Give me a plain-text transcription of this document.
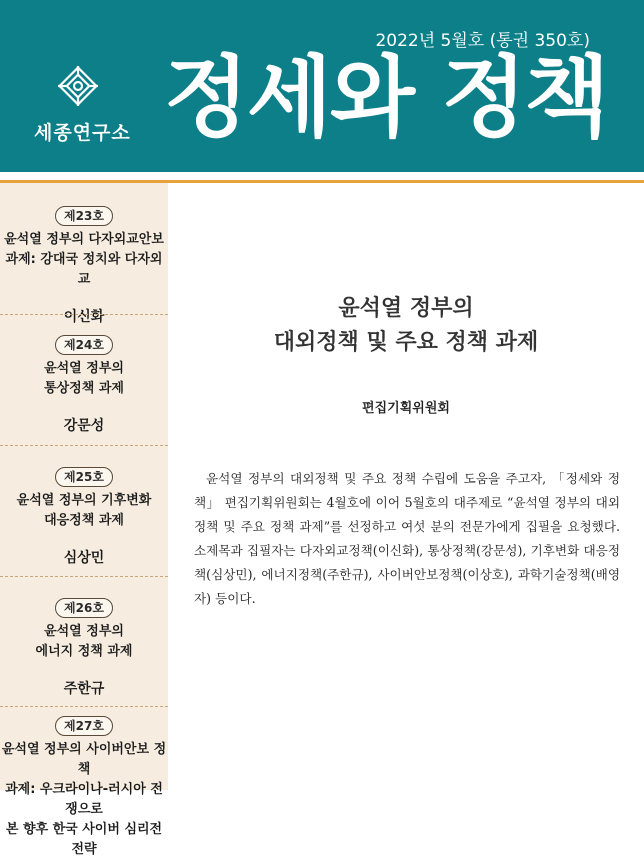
2022년 5월호 (통권 350호)
세종연구소 정세와 정책
제23호
윤석열 정부의 다자외교안보
과제: 강대국 정치와 다자외교
이신화
제24호
윤석열 정부의
통상정책 과제
강문성
제25호
윤석열 정부의 기후변화
대응정책 과제
심상민
제26호
윤석열 정부의
에너지 정책 과제
주한규
제27호
윤석열 정부의 사이버안보 정책
과제: 우크라이나-러시아 전쟁으로
본 향후 한국 사이버 심리전 전략
윤석열 정부의
대외정책 및 주요 정책 과제
편집기획위원회
윤석열 정부의 대외정책 및 주요 정책 수립에 도움을 주고자, 「정세와 정책」 편집기획위원회는 4월호에 이어 5월호의 대주제로 “윤석열 정부의 대외정책 및 주요 정책 과제”를 선정하고 여섯 분의 전문가에게 집필을 요청했다. 소제목과 집필자는 다자외교정책(이신화), 통상정책(강문성), 기후변화 대응정책(심상민), 에너지정책(주한규), 사이버안보정책(이상호), 과학기술정책(배영자) 등이다.
